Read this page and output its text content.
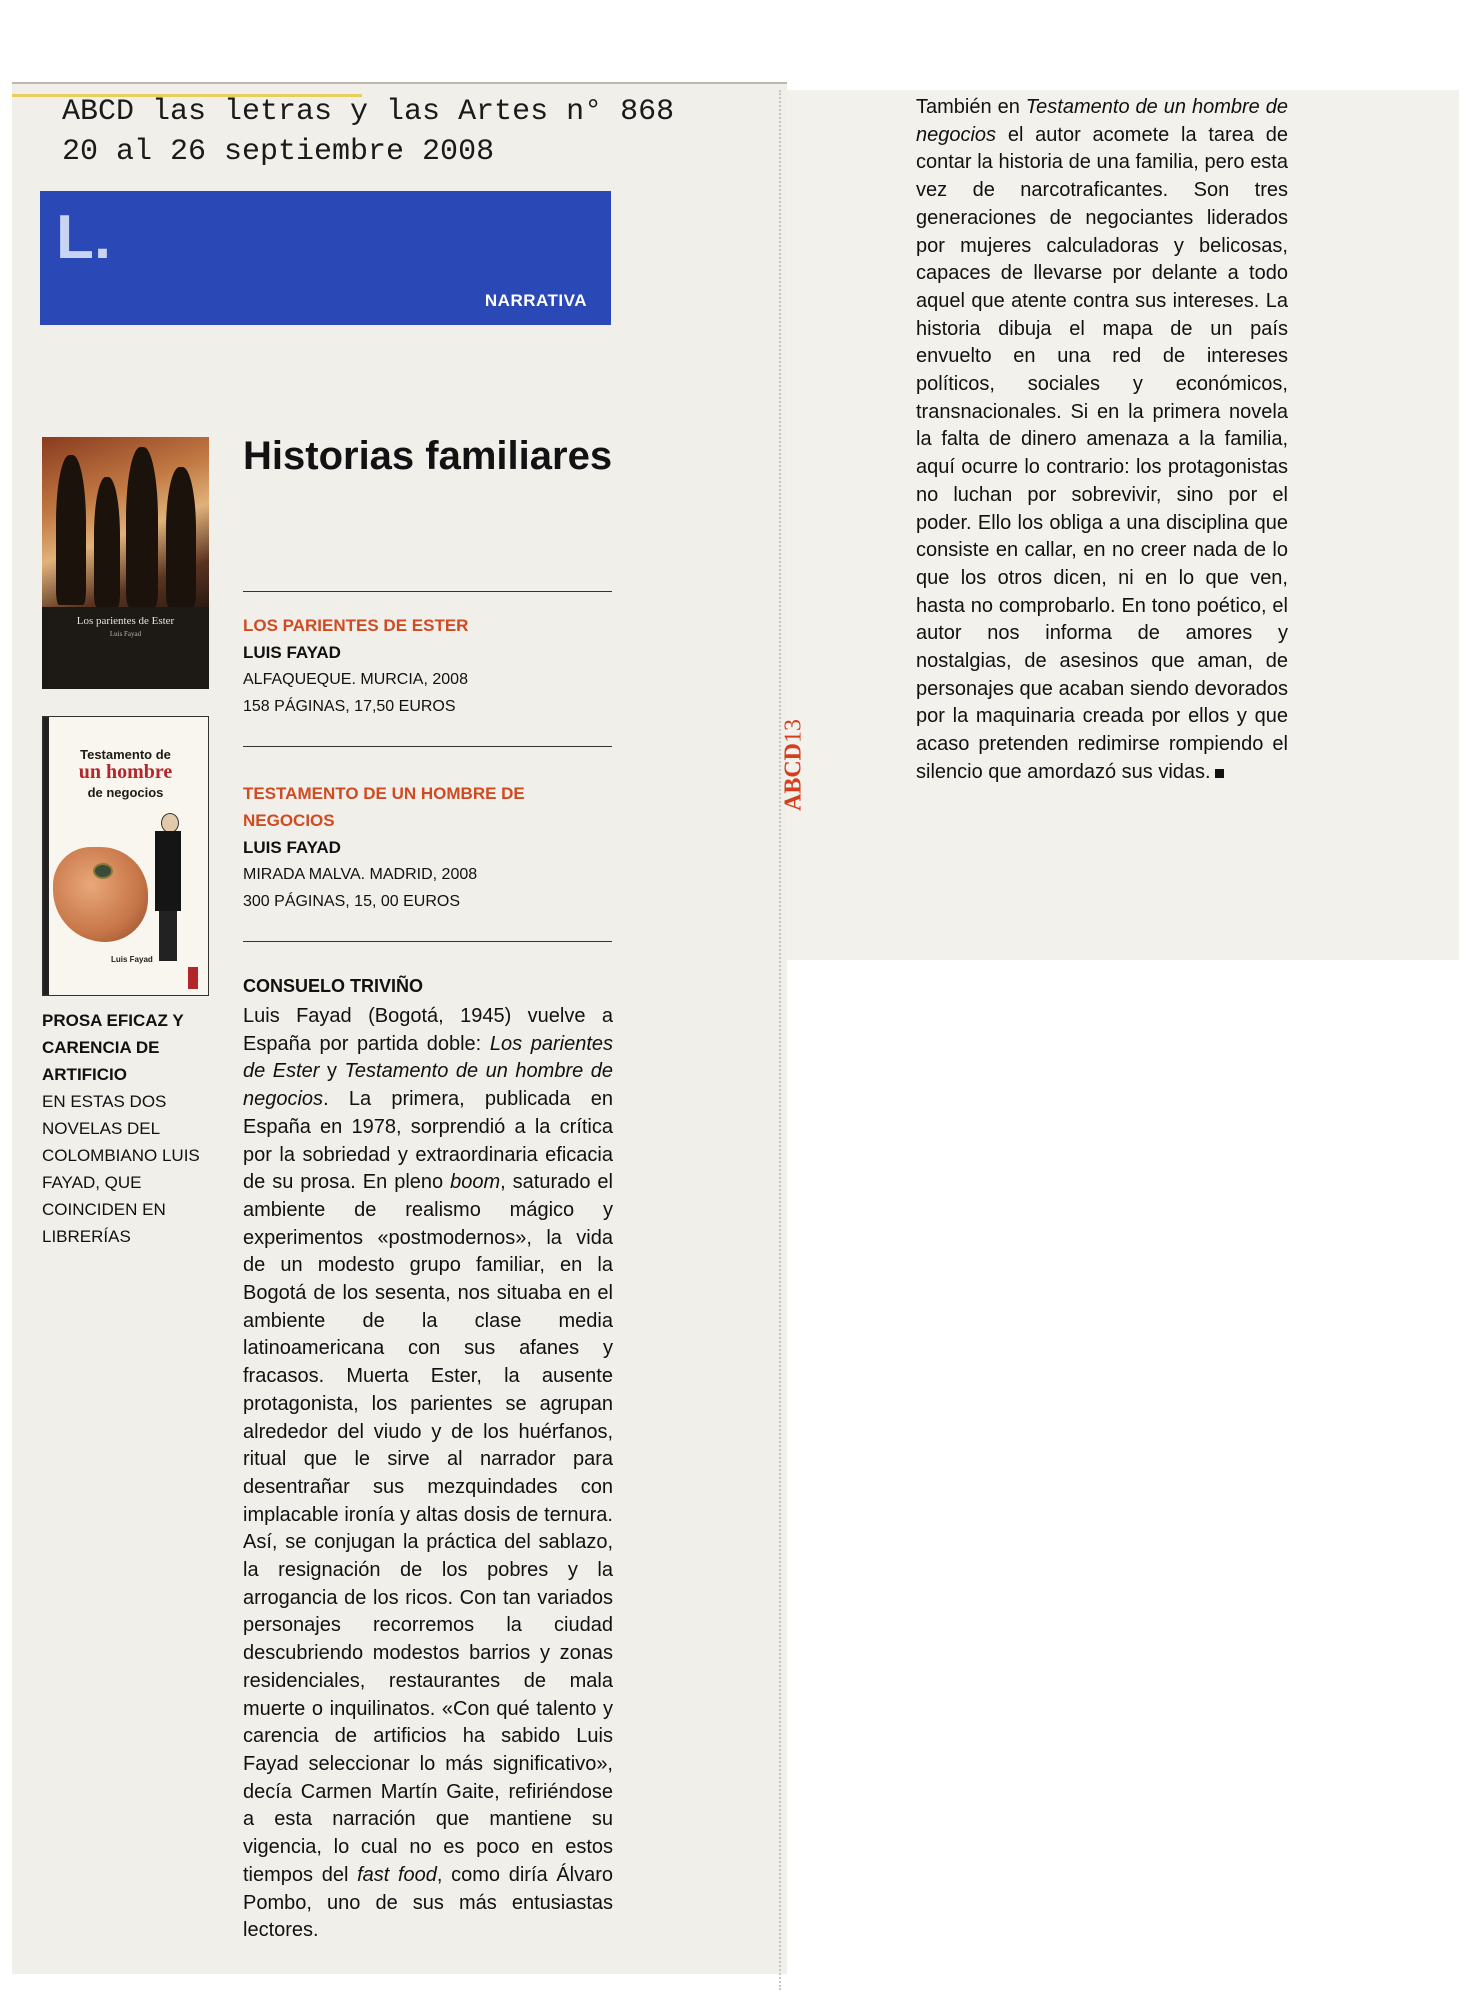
ABCD las letras y las Artes n° 868
20 al 26 septiembre 2008
L.
NARRATIVA
Los parientes de Ester
Luis Fayad
Testamento de
un hombre
de negocios
Luis Fayad
PROSA EFICAZ Y CARENCIA DE ARTIFICIO
EN ESTAS DOS NOVELAS DEL COLOMBIANO LUIS FAYAD, QUE COINCIDEN EN LIBRERÍAS
Historias familiares
LOS PARIENTES DE ESTER
LUIS FAYAD
ALFAQUEQUE. MURCIA, 2008
158 PÁGINAS, 17,50 EUROS
TESTAMENTO DE UN HOMBRE DE NEGOCIOS
LUIS FAYAD
MIRADA MALVA. MADRID, 2008
300 PÁGINAS, 15, 00 EUROS
CONSUELO TRIVIÑO
Luis Fayad (Bogotá, 1945) vuelve a España por partida doble: Los parientes de Ester y Testamento de un hombre de negocios. La primera, publicada en España en 1978, sorprendió a la crítica por la sobriedad y extraordinaria eficacia de su prosa. En pleno boom, saturado el ambiente de realismo mágico y experimentos «postmodernos», la vida de un modesto grupo familiar, en la Bogotá de los sesenta, nos situaba en el ambiente de la clase media latinoamericana con sus afanes y fracasos. Muerta Ester, la ausente protagonista, los parientes se agrupan alrededor del viudo y de los huérfanos, ritual que le sirve al narrador para desentrañar sus mezquindades con implacable ironía y altas dosis de ternura. Así, se conjugan la práctica del sablazo, la resignación de los pobres y la arrogancia de los ricos. Con tan variados personajes recorremos la ciudad descubriendo modestos barrios y zonas residenciales, restaurantes de mala muerte o inquilinatos. «Con qué talento y carencia de artificios ha sabido Luis Fayad seleccionar lo más significativo», decía Carmen Martín Gaite, refiriéndose a esta narración que mantiene su vigencia, lo cual no es poco en estos tiempos del fast food, como diría Álvaro Pombo, uno de sus más entusiastas lectores.
ABCD
13
También en Testamento de un hombre de negocios el autor acomete la tarea de contar la historia de una familia, pero esta vez de narcotraficantes. Son tres generaciones de negociantes liderados por mujeres calculadoras y belicosas, capaces de llevarse por delante a todo aquel que atente contra sus intereses. La historia dibuja el mapa de un país envuelto en una red de intereses políticos, sociales y económicos, transnacionales. Si en la primera novela la falta de dinero amenaza a la familia, aquí ocurre lo contrario: los protagonistas no luchan por sobrevivir, sino por el poder. Ello los obliga a una disciplina que consiste en callar, en no creer nada de lo que los otros dicen, ni en lo que ven, hasta no comprobarlo. En tono poético, el autor nos informa de amores y nostalgias, de asesinos que aman, de personajes que acaban siendo devorados por la maquinaria creada por ellos y que acaso pretenden redimirse rompiendo el silencio que amordazó sus vidas.
